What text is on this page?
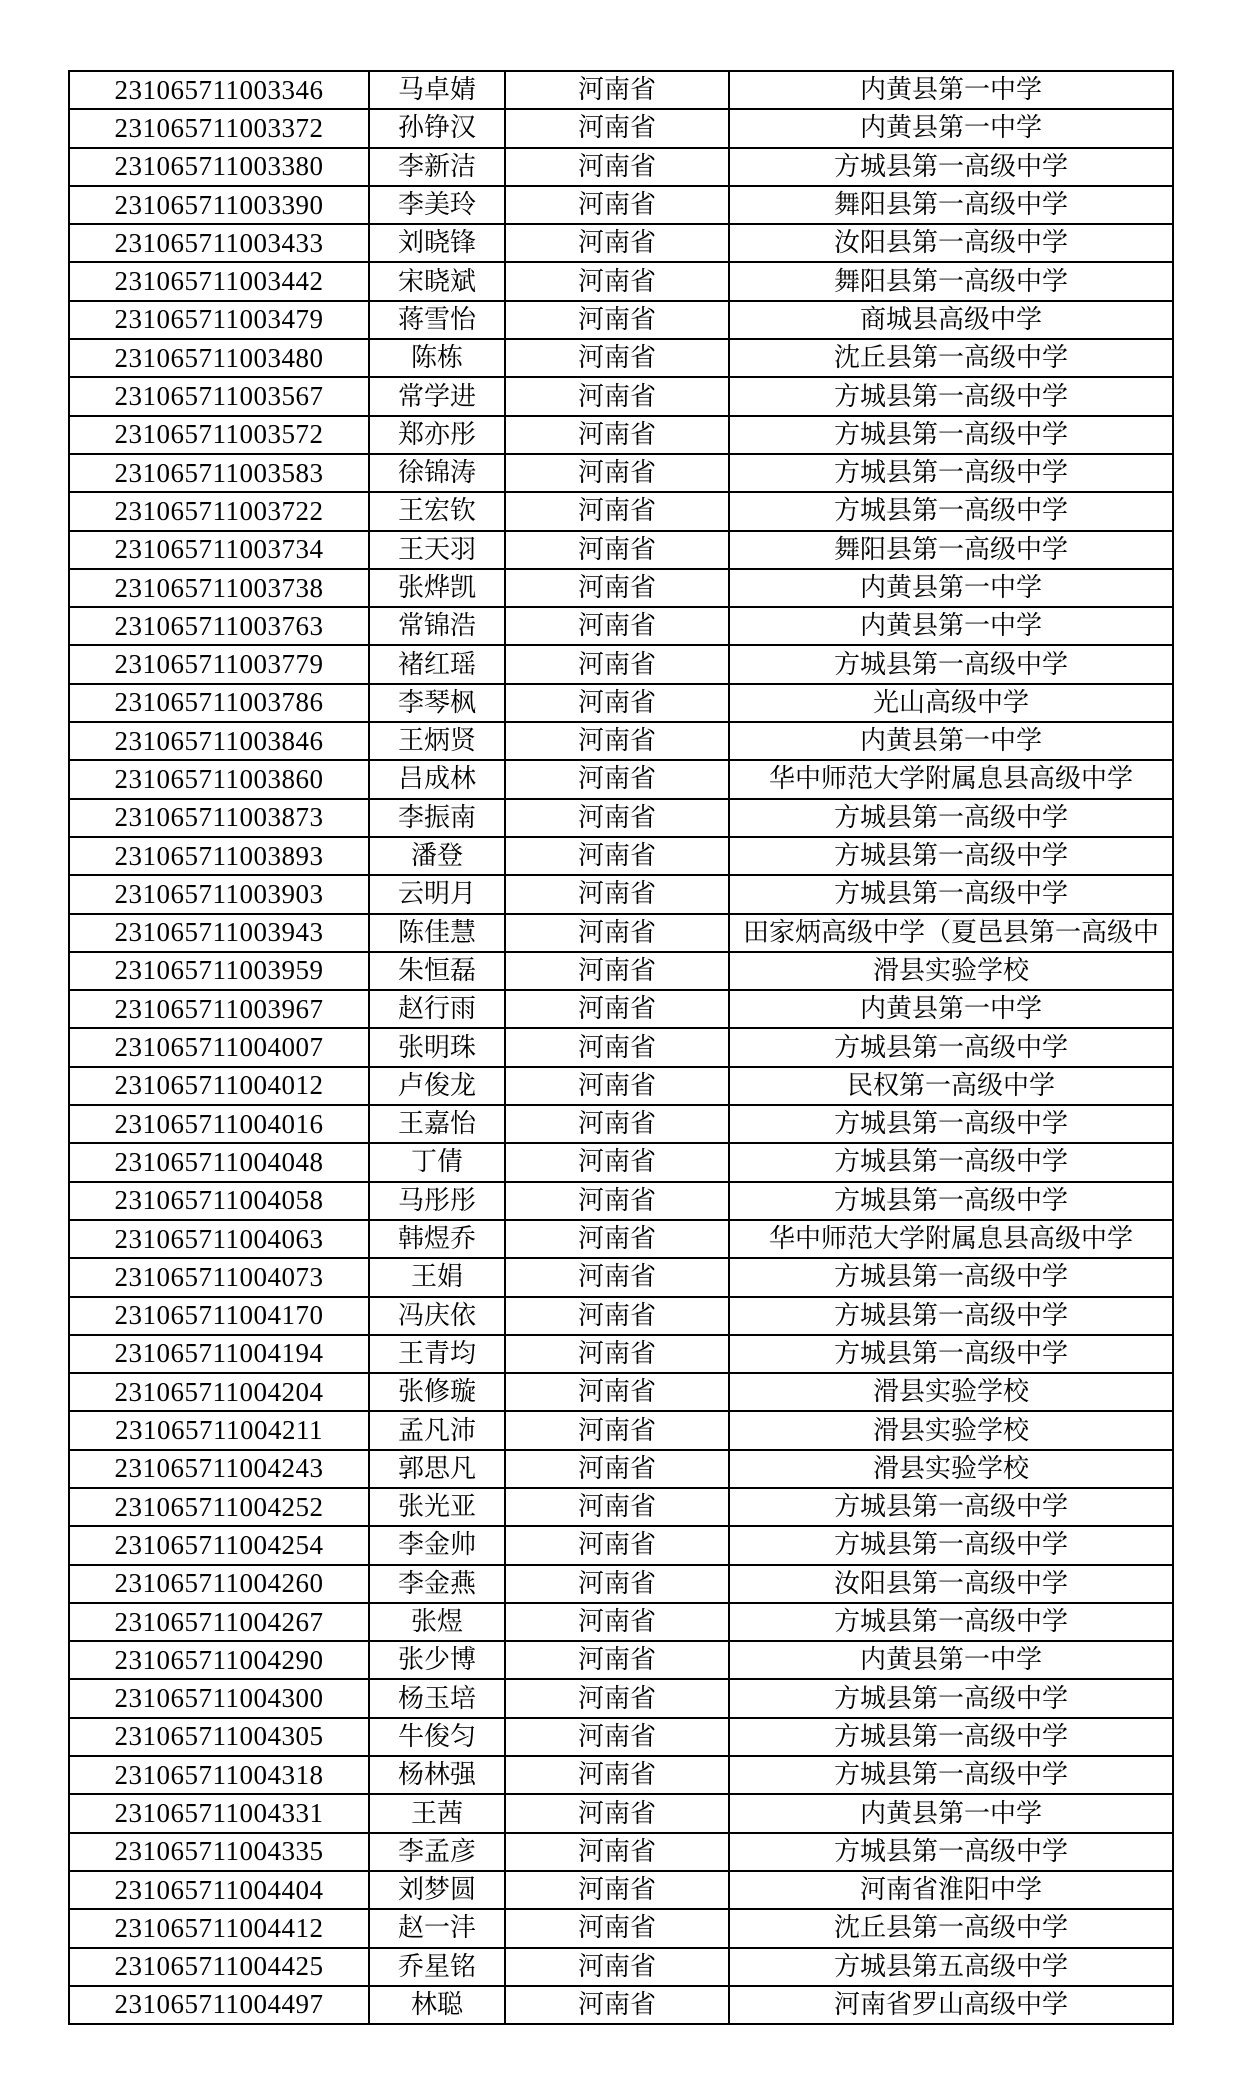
231065711003346	马卓婧	河南省	内黄县第一中学
231065711003372	孙铮汉	河南省	内黄县第一中学
231065711003380	李新洁	河南省	方城县第一高级中学
231065711003390	李美玲	河南省	舞阳县第一高级中学
231065711003433	刘晓锋	河南省	汝阳县第一高级中学
231065711003442	宋晓斌	河南省	舞阳县第一高级中学
231065711003479	蒋雪怡	河南省	商城县高级中学
231065711003480	陈栋	河南省	沈丘县第一高级中学
231065711003567	常学进	河南省	方城县第一高级中学
231065711003572	郑亦彤	河南省	方城县第一高级中学
231065711003583	徐锦涛	河南省	方城县第一高级中学
231065711003722	王宏钦	河南省	方城县第一高级中学
231065711003734	王天羽	河南省	舞阳县第一高级中学
231065711003738	张烨凯	河南省	内黄县第一中学
231065711003763	常锦浩	河南省	内黄县第一中学
231065711003779	褚红瑶	河南省	方城县第一高级中学
231065711003786	李琴枫	河南省	光山高级中学
231065711003846	王炳贤	河南省	内黄县第一中学
231065711003860	吕成林	河南省	华中师范大学附属息县高级中学
231065711003873	李振南	河南省	方城县第一高级中学
231065711003893	潘登	河南省	方城县第一高级中学
231065711003903	云明月	河南省	方城县第一高级中学
231065711003943	陈佳慧	河南省	田家炳高级中学（夏邑县第一高级中
231065711003959	朱恒磊	河南省	滑县实验学校
231065711003967	赵行雨	河南省	内黄县第一中学
231065711004007	张明珠	河南省	方城县第一高级中学
231065711004012	卢俊龙	河南省	民权第一高级中学
231065711004016	王嘉怡	河南省	方城县第一高级中学
231065711004048	丁倩	河南省	方城县第一高级中学
231065711004058	马彤彤	河南省	方城县第一高级中学
231065711004063	韩煜乔	河南省	华中师范大学附属息县高级中学
231065711004073	王娟	河南省	方城县第一高级中学
231065711004170	冯庆依	河南省	方城县第一高级中学
231065711004194	王青均	河南省	方城县第一高级中学
231065711004204	张修璇	河南省	滑县实验学校
231065711004211	孟凡沛	河南省	滑县实验学校
231065711004243	郭思凡	河南省	滑县实验学校
231065711004252	张光亚	河南省	方城县第一高级中学
231065711004254	李金帅	河南省	方城县第一高级中学
231065711004260	李金燕	河南省	汝阳县第一高级中学
231065711004267	张煜	河南省	方城县第一高级中学
231065711004290	张少博	河南省	内黄县第一中学
231065711004300	杨玉培	河南省	方城县第一高级中学
231065711004305	牛俊匀	河南省	方城县第一高级中学
231065711004318	杨林强	河南省	方城县第一高级中学
231065711004331	王茜	河南省	内黄县第一中学
231065711004335	李孟彦	河南省	方城县第一高级中学
231065711004404	刘梦圆	河南省	河南省淮阳中学
231065711004412	赵一沣	河南省	沈丘县第一高级中学
231065711004425	乔星铭	河南省	方城县第五高级中学
231065711004497	林聪	河南省	河南省罗山高级中学
